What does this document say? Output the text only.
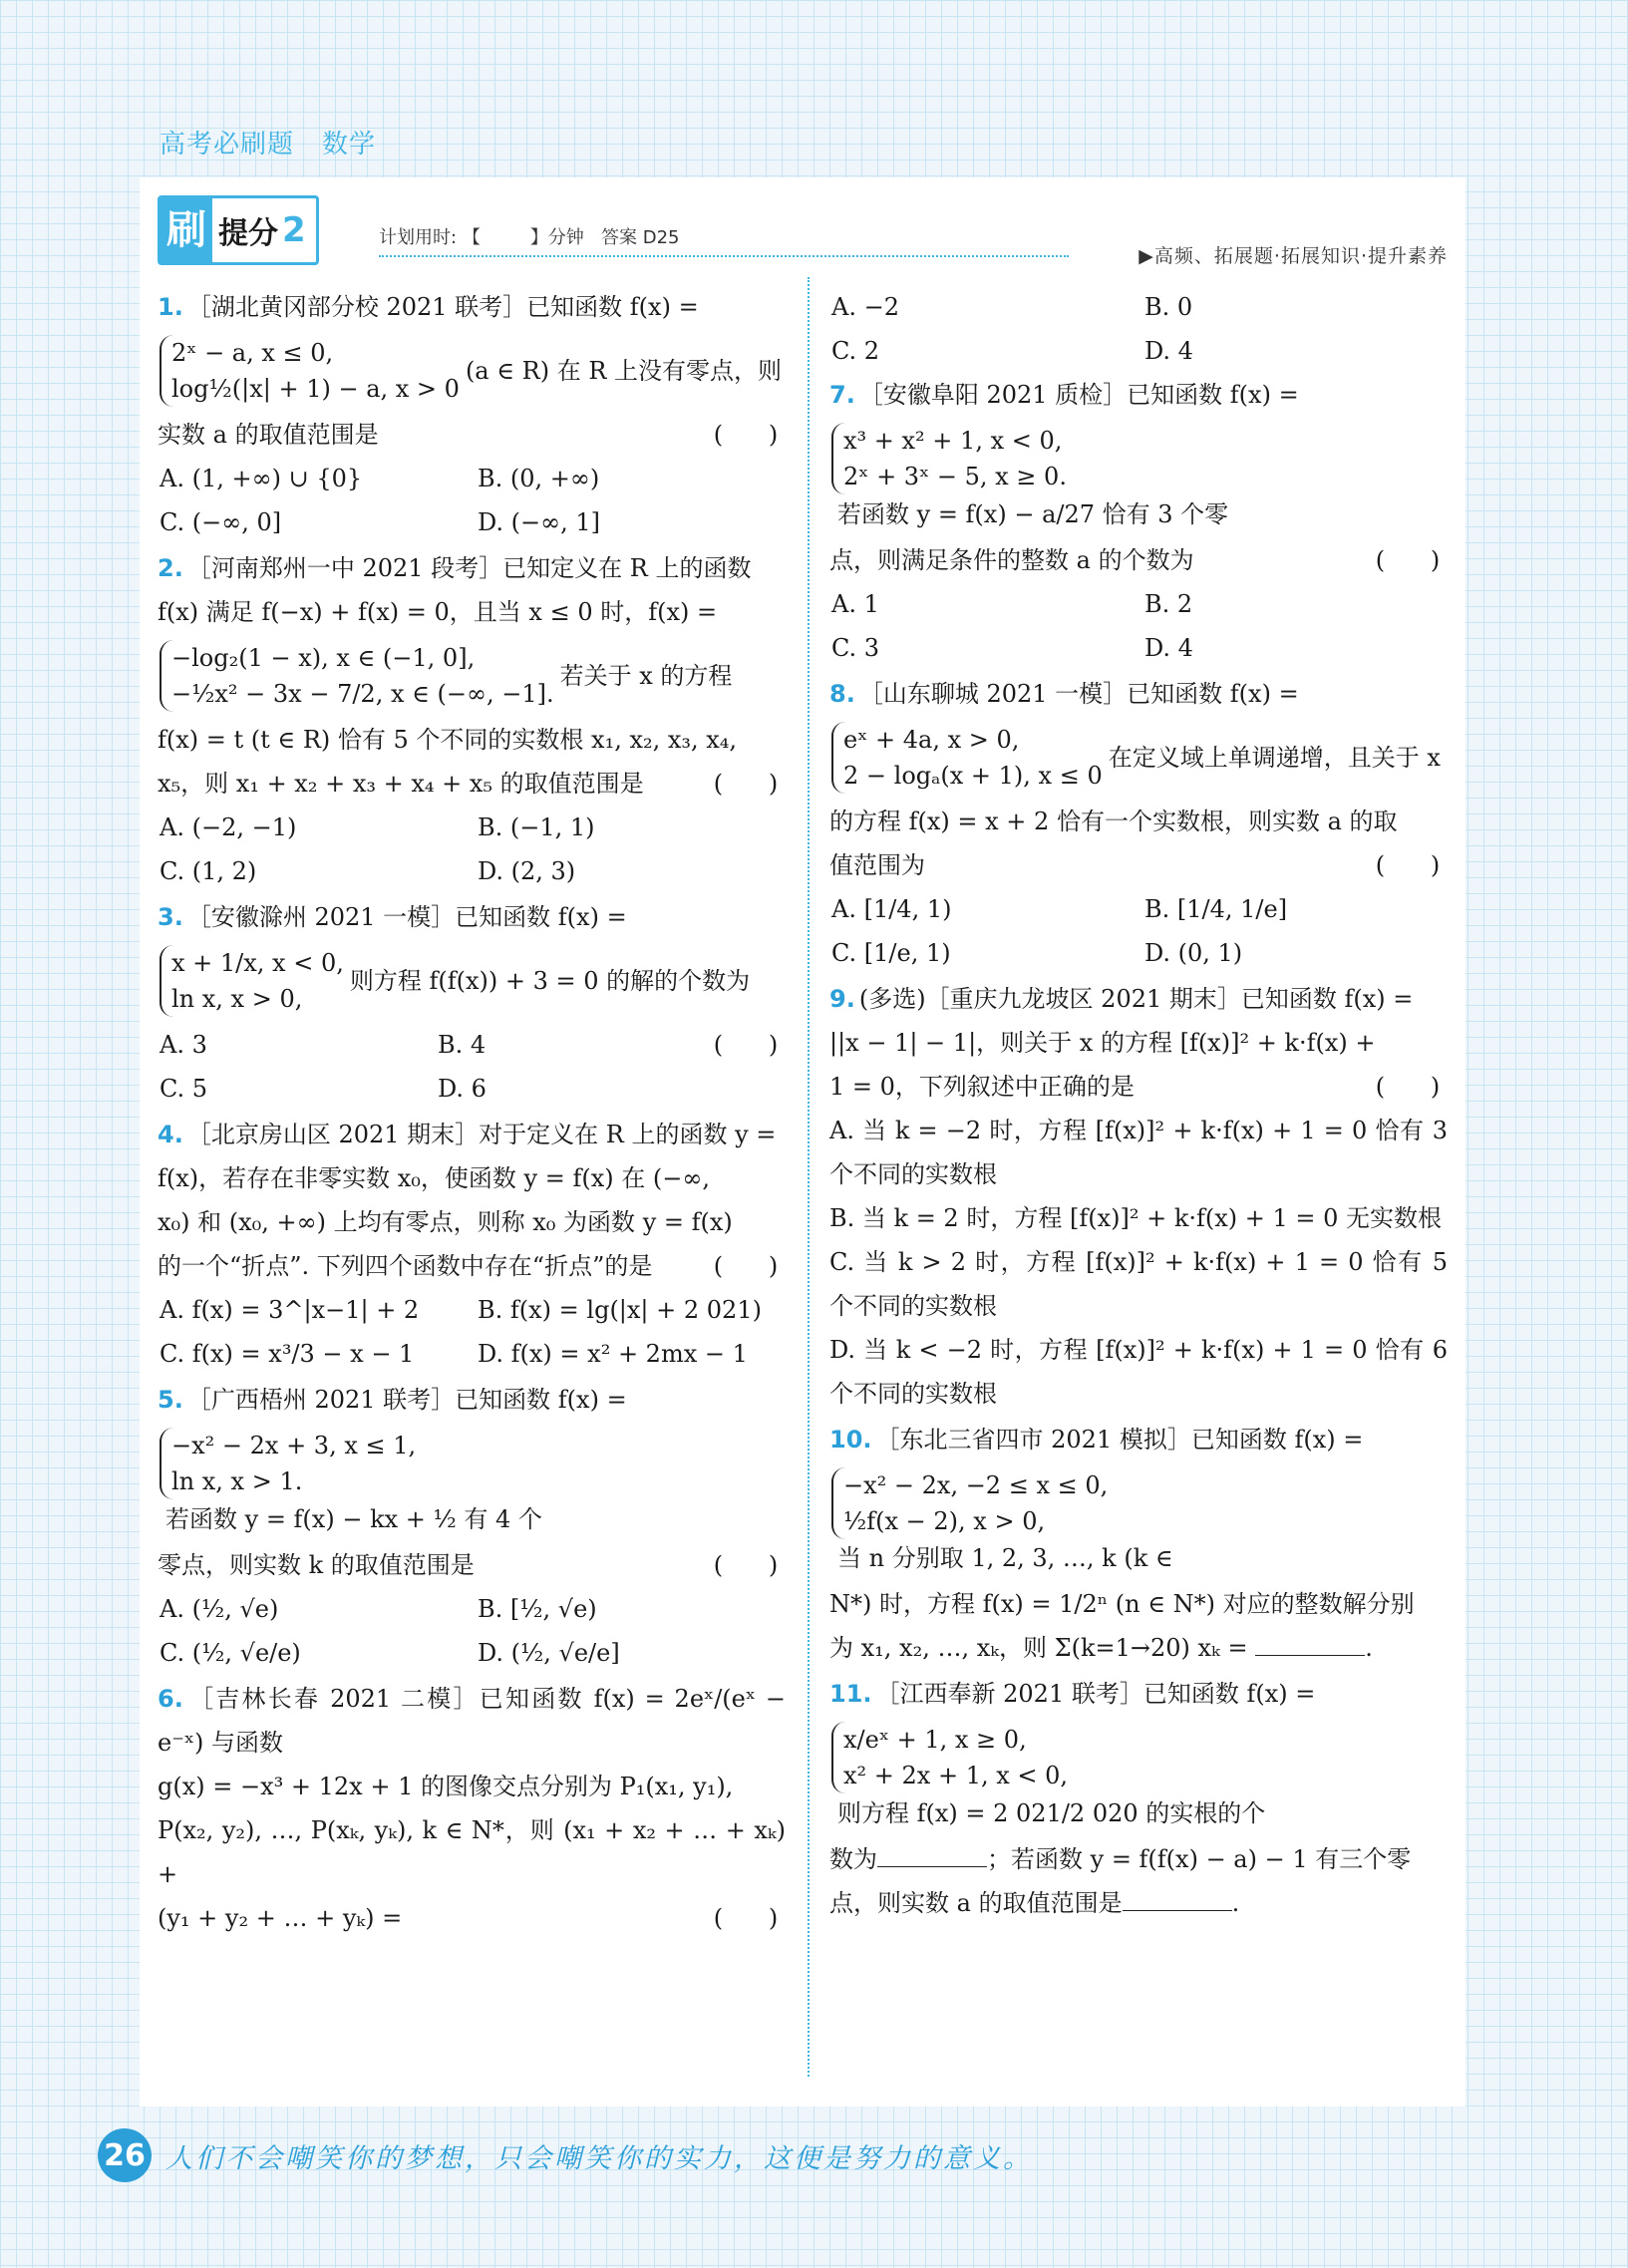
高考必刷题 数学
刷 提分 2	计划用时: 【	】分钟 答案 D25
▶高频、拓展题·拓展知识·提升素养

1. ［湖北黄冈部分校 2021 联考］已知函数 f(x) =

2ˣ − a, x ≤ 0,
log½(|x| + 1) − a, x > 0
(a ∈ R) 在 R 上没有零点，则

实数 a 的取值范围是
(      )

A. (1, +∞) ∪ {0}	B. (0, +∞)
C. (−∞, 0]	D. (−∞, 1]

2. ［河南郑州一中 2021 段考］已知定义在 R 上的函数

f(x) 满足 f(−x) + f(x) = 0，且当 x ≤ 0 时，f(x) =

−log₂(1 − x), x ∈ (−1, 0],
−½x² − 3x − 7/2, x ∈ (−∞, −1].
若关于 x 的方程

f(x) = t (t ∈ R) 恰有 5 个不同的实数根 x₁, x₂, x₃, x₄,

x₅，则 x₁ + x₂ + x₃ + x₄ + x₅ 的取值范围是
(      )

A. (−2, −1)	B. (−1, 1)
C. (1, 2)	D. (2, 3)

3. ［安徽滁州 2021 一模］已知函数 f(x) =

x + 1/x, x < 0,
ln x, x > 0,
则方程 f(f(x)) + 3 = 0 的解的个数为

(      )

A. 3	B. 4
C. 5	D. 6

4. ［北京房山区 2021 期末］对于定义在 R 上的函数 y =

f(x)，若存在非零实数 x₀，使函数 y = f(x) 在 (−∞,

x₀) 和 (x₀, +∞) 上均有零点，则称 x₀ 为函数 y = f(x)

的一个“折点”. 下列四个函数中存在“折点”的是
(      )

A. f(x) = 3^|x−1| + 2	B. f(x) = lg(|x| + 2 021)
C. f(x) = x³/3 − x − 1	D. f(x) = x² + 2mx − 1

5. ［广西梧州 2021 联考］已知函数 f(x) =

−x² − 2x + 3, x ≤ 1,
ln x, x > 1.
若函数 y = f(x) − kx + ½ 有 4 个

零点，则实数 k 的取值范围是
(      )

A. (½, √e)	B. [½, √e)
C. (½, √e/e)	D. (½, √e/e]

6. ［吉林长春 2021 二模］已知函数 f(x) = 2eˣ/(eˣ − e⁻ˣ) 与函数

g(x) = −x³ + 12x + 1 的图像交点分别为 P₁(x₁, y₁),

P(x₂, y₂), …, P(xₖ, yₖ), k ∈ N*，则 (x₁ + x₂ + … + xₖ) +

(y₁ + y₂ + … + yₖ) =
(      )

A. −2	B. 0
C. 2	D. 4

7. ［安徽阜阳 2021 质检］已知函数 f(x) =

x³ + x² + 1, x < 0,
2ˣ + 3ˣ − 5, x ≥ 0.
若函数 y = f(x) − a/27 恰有 3 个零

点，则满足条件的整数 a 的个数为
(      )

A. 1	B. 2
C. 3	D. 4

8. ［山东聊城 2021 一模］已知函数 f(x) =

eˣ + 4a, x > 0,
2 − logₐ(x + 1), x ≤ 0
在定义域上单调递增，且关于 x

的方程 f(x) = x + 2 恰有一个实数根，则实数 a 的取

值范围为
(      )

A. [1/4, 1)	B. [1/4, 1/e]
C. [1/e, 1)	D. (0, 1)

9. (多选)［重庆九龙坡区 2021 期末］已知函数 f(x) =

||x − 1| − 1|，则关于 x 的方程 [f(x)]² + k·f(x) +

1 = 0，下列叙述中正确的是
(      )

A. 当 k = −2 时，方程 [f(x)]² + k·f(x) + 1 = 0 恰有 3 个不同的实数根

B. 当 k = 2 时，方程 [f(x)]² + k·f(x) + 1 = 0 无实数根

C. 当 k > 2 时，方程 [f(x)]² + k·f(x) + 1 = 0 恰有 5 个不同的实数根

D. 当 k < −2 时，方程 [f(x)]² + k·f(x) + 1 = 0 恰有 6 个不同的实数根

10. ［东北三省四市 2021 模拟］已知函数 f(x) =

−x² − 2x, −2 ≤ x ≤ 0,
½f(x − 2), x > 0,
当 n 分别取 1, 2, 3, …, k (k ∈

N*) 时，方程 f(x) = 1/2ⁿ (n ∈ N*) 对应的整数解分别

为 x₁, x₂, …, xₖ，则 Σ(k=1→20) xₖ =	.

11. ［江西奉新 2021 联考］已知函数 f(x) =

x/eˣ + 1, x ≥ 0,
x² + 2x + 1, x < 0,
则方程 f(x) = 2 021/2 020 的实根的个

数为	；若函数 y = f(f(x) − a) − 1 有三个零

点，则实数 a 的取值范围是	.

26 人们不会嘲笑你的梦想，只会嘲笑你的实力，这便是努力的意义。
